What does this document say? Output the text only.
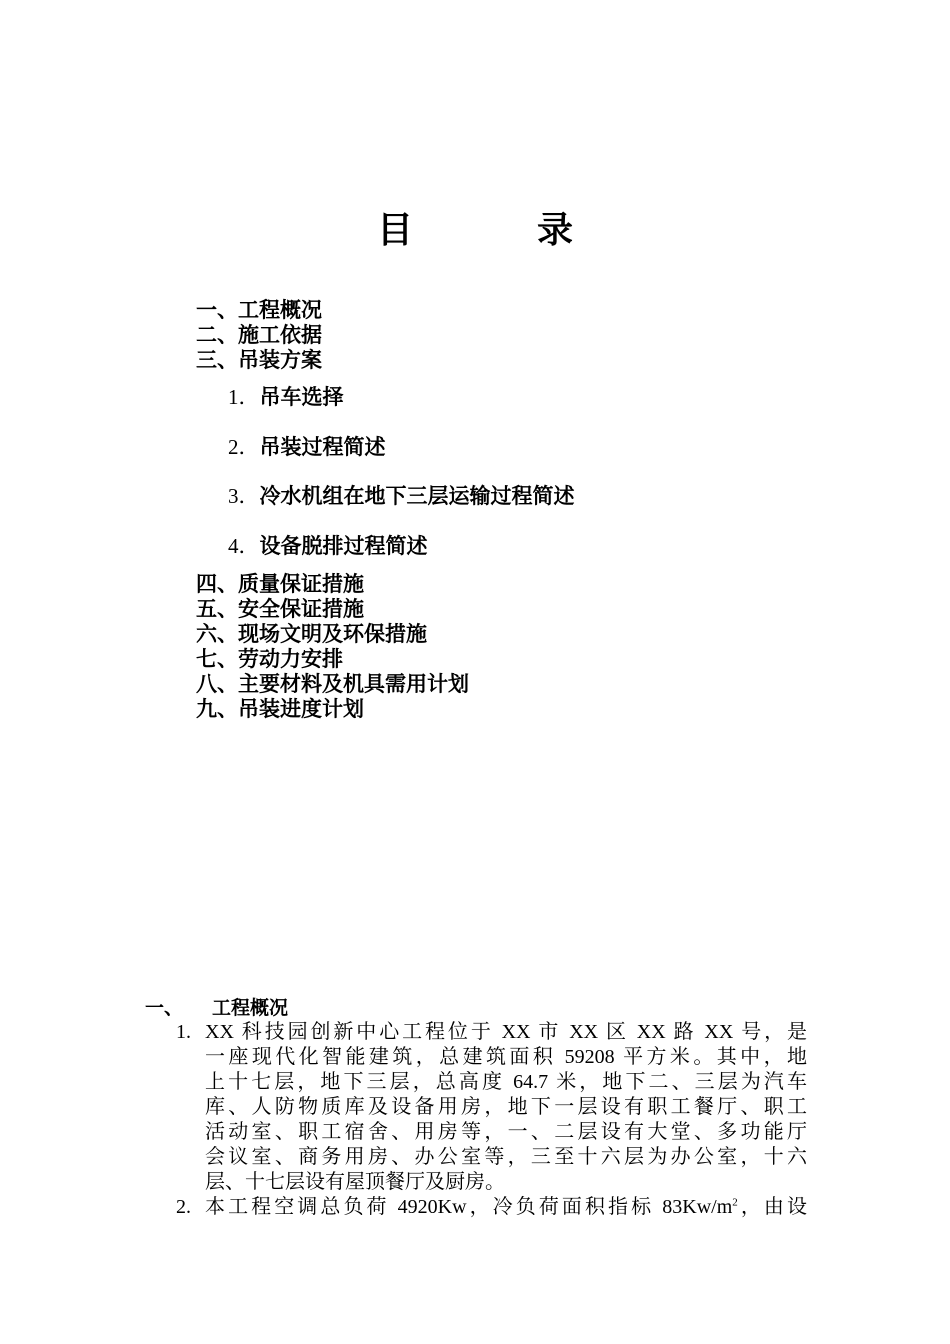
目　录
一、工程概况
二、施工依据
三、吊装方案
1．吊车选择
2．吊装过程简述
3．冷水机组在地下三层运输过程简述
4．设备脱排过程简述
四、质量保证措施
五、安全保证措施
六、现场文明及环保措施
七、劳动力安排
八、主要材料及机具需用计划
九、吊装进度计划
一、 工程概况
1. XX 科技园创新中心工程位于 XX 市 XX 区 XX 路 XX 号，是
一座现代化智能建筑，总建筑面积 59208 平方米。其中，地
上十七层，地下三层，总高度 64.7 米，地下二、三层为汽车
库、人防物质库及设备用房，地下一层设有职工餐厅、职工
活动室、职工宿舍、用房等，一、二层设有大堂、多功能厅
会议室、商务用房、办公室等，三至十六层为办公室，十六
层、十七层设有屋顶餐厅及厨房。
2. 本工程空调总负荷 4920Kw，冷负荷面积指标 $83Kw/m^2$，由设
